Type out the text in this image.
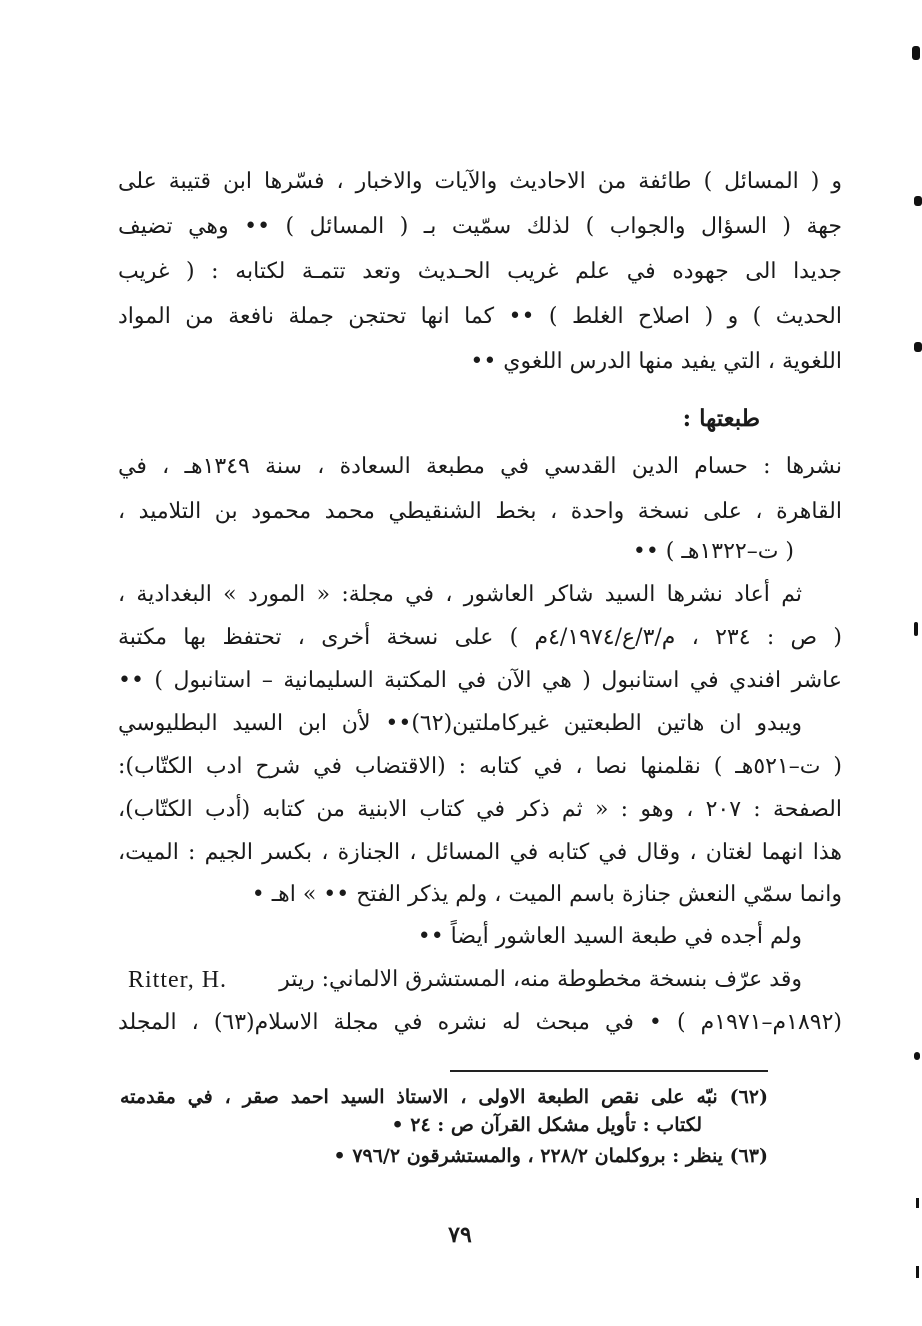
و ( المسائل ) طائفة من الاحاديث والآيات والاخبار ، فسّرها ابن قتيبة على
جهة ( السؤال والجواب ) لذلك سمّيت بـ ( المسائل ) •• وهي تضيف
جديدا الى جهوده في علم غريب الحـديث وتعد تتمـة لكتابه : ( غريب
الحديث ) و ( اصلاح الغلط ) •• كما انها تحتجن جملة نافعة من المواد
اللغوية ، التي يفيد منها الدرس اللغوي ••
طبعتها :
نشرها : حسام الدين القدسي في مطبعة السعادة ، سنة ١٣٤٩هـ ، في
القاهرة ، على نسخة واحدة ، بخط الشنقيطي محمد محمود بن التلاميد ،
( ت–١٣٢٢هـ ) ••
ثم أعاد نشرها السيد شاكر العاشور ، في مجلة: « المورد » البغدادية ،
( ص : ٢٣٤ ، م/٣/ع/٤/١٩٧٤م ) على نسخة أخرى ، تحتفظ بها مكتبة
عاشر افندي في استانبول ( هي الآن في المكتبة السليمانية – استانبول ) ••
ويبدو ان هاتين الطبعتين غيركاملتين(٦٢)•• لأن ابن السيد البطليوسي
( ت–٥٢١هـ ) نقلمنها نصا ، في كتابه : (الاقتضاب في شرح ادب الكتّاب):
الصفحة : ٢٠٧ ، وهو : « ثم ذكر في كتاب الابنية من كتابه (أدب الكتّاب)،
هذا انهما لغتان ، وقال في كتابه في المسائل ، الجنازة ، بكسر الجيم : الميت،
وانما سمّي النعش جنازة باسم الميت ، ولم يذكر الفتح •• » اهـ •
ولم أجده في طبعة السيد العاشور أيضاً ••
وقد عرّف بنسخة مخطوطة منه، المستشرق الالماني: ريتر
Ritter, H.
(١٨٩٢م–١٩٧١م ) • في مبحث له نشره في مجلة الاسلام(٦٣) ، المجلد
(٦٢) نبّه على نقص الطبعة الاولى ، الاستاذ السيد احمد صقر ، في مقدمته
لكتاب : تأويل مشكل القرآن ص : ٢٤ •
(٦٣) ينظر : بروكلمان ٢٢٨/٢ ، والمستشرقون ٧٩٦/٢ •
٧٩
